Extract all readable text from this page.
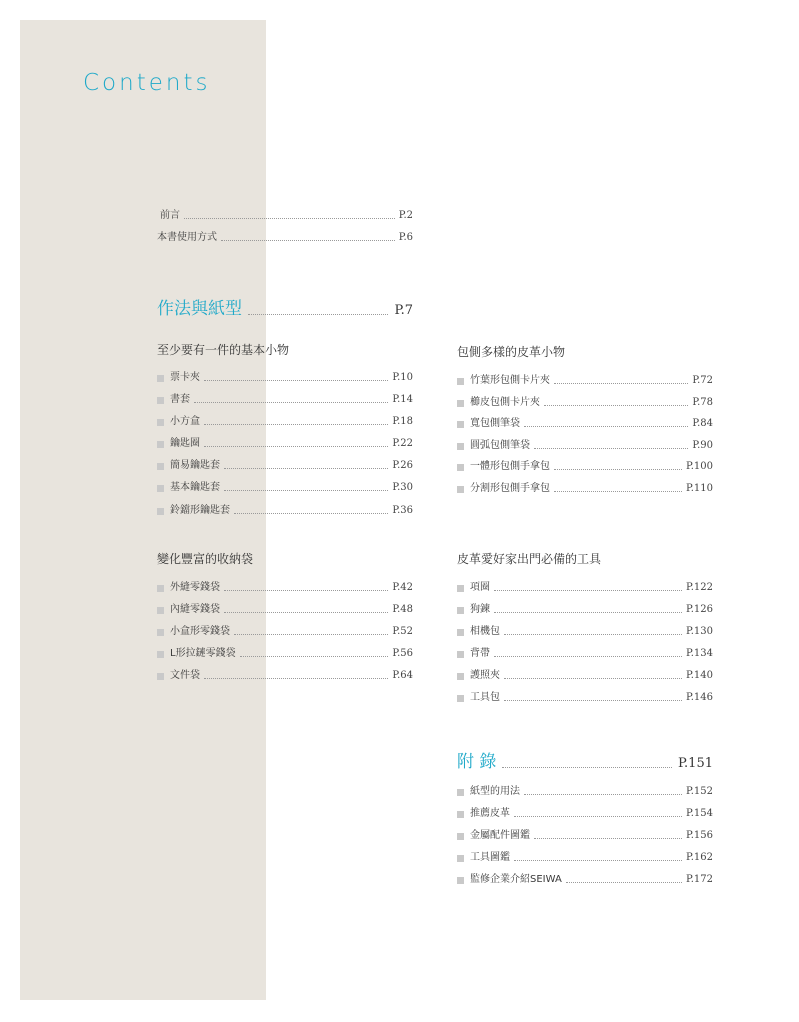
Contents
前言	P.2
本書使用方式	P.6
作法與紙型	P.7
至少要有一件的基本小物
票卡夾	P.10
書套	P.14
小方盒	P.18
鑰匙圈	P.22
簡易鑰匙套	P.26
基本鑰匙套	P.30
鈴鐺形鑰匙套	P.36
包側多樣的皮革小物
竹葉形包側卡片夾	P.72
櫛皮包側卡片夾	P.78
寬包側筆袋	P.84
圓弧包側筆袋	P.90
一體形包側手拿包	P.100
分割形包側手拿包	P.110
變化豐富的收納袋
外縫零錢袋	P.42
內縫零錢袋	P.48
小盒形零錢袋	P.52
L形拉鏈零錢袋	P.56
文件袋	P.64
皮革愛好家出門必備的工具
項圈	P.122
狗鍊	P.126
相機包	P.130
背帶	P.134
護照夾	P.140
工具包	P.146
附 錄	P.151
紙型的用法	P.152
推薦皮革	P.154
金屬配件圖鑑	P.156
工具圖鑑	P.162
監修企業介紹SEIWA	P.172
